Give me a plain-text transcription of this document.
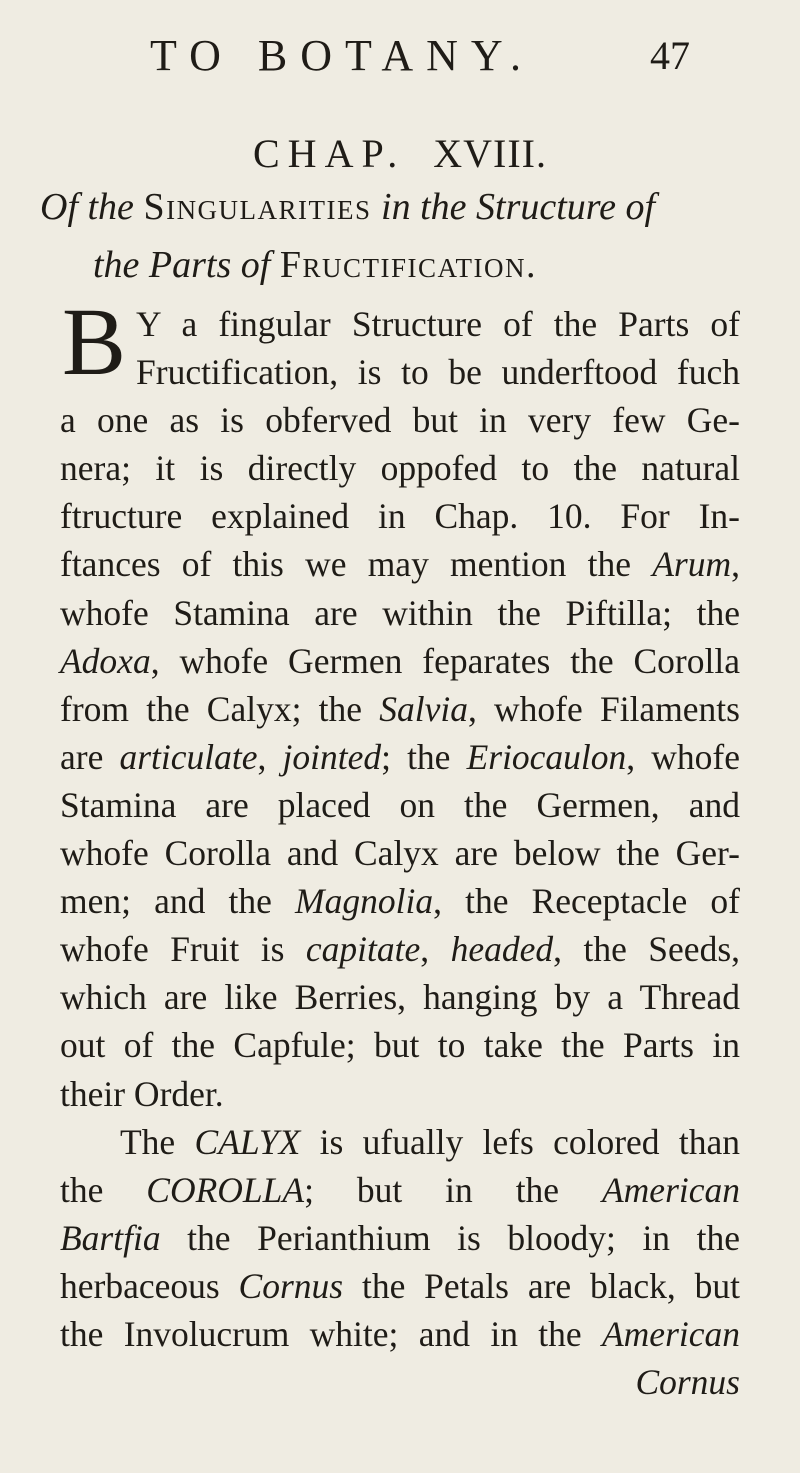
TO BOTANY.	47
CHAP. XVIII.
Of the Singularities in the Structure of
the Parts of Fructification.
B Y a fingular Structure of the Parts of
Fructification, is to be underftood fuch
a one as is obferved but in very few Ge-
nera; it is directly oppofed to the natural
ftructure explained in Chap. 10. For In-
ftances of this we may mention the Arum,
whofe Stamina are within the Piftilla; the
Adoxa, whofe Germen feparates the Corolla
from the Calyx; the Salvia, whofe Filaments
are articulate, jointed; the Eriocaulon, whofe
Stamina are placed on the Germen, and
whofe Corolla and Calyx are below the Ger-
men; and the Magnolia, the Receptacle of
whofe Fruit is capitate, headed, the Seeds,
which are like Berries, hanging by a Thread
out of the Capfule; but to take the Parts in
their Order.
The CALYX is ufually lefs colored than
the COROLLA; but in the American
Bartfia the Perianthium is bloody; in the
herbaceous Cornus the Petals are black, but
the Involucrum white; and in the American
Cornus
